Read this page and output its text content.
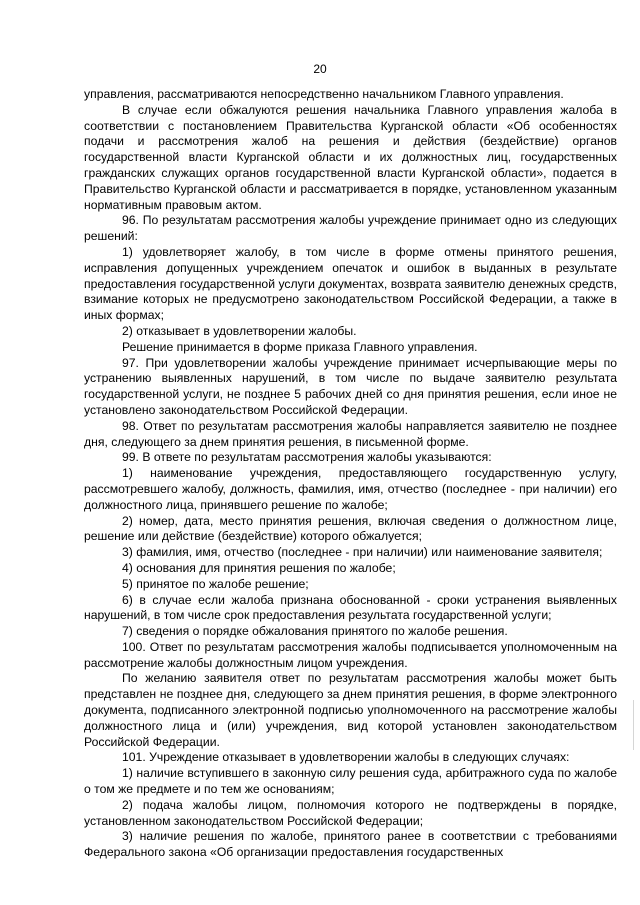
20

управления, рассматриваются непосредственно начальником Главного управления.

В случае если обжалуются решения начальника Главного управления жалоба в соответствии с постановлением Правительства Курганской области «Об особенностях подачи и рассмотрения жалоб на решения и действия (бездействие) органов государственной власти Курганской области и их должностных лиц, государственных гражданских служащих органов государственной власти Курганской области», подается в Правительство Курганской области и рассматривается в порядке, установленном указанным нормативным правовым актом.

96. По результатам рассмотрения жалобы учреждение принимает одно из следующих решений:

1) удовлетворяет жалобу, в том числе в форме отмены принятого решения, исправления допущенных учреждением опечаток и ошибок в выданных в результате предоставления государственной услуги документах, возврата заявителю денежных средств, взимание которых не предусмотрено законодательством Российской Федерации, а также в иных формах;

2) отказывает в удовлетворении жалобы.

Решение принимается в форме приказа Главного управления.

97. При удовлетворении жалобы учреждение принимает исчерпывающие меры по устранению выявленных нарушений, в том числе по выдаче заявителю результата государственной услуги, не позднее 5 рабочих дней со дня принятия решения, если иное не установлено законодательством Российской Федерации.

98. Ответ по результатам рассмотрения жалобы направляется заявителю не позднее дня, следующего за днем принятия решения, в письменной форме.

99. В ответе по результатам рассмотрения жалобы указываются:

1) наименование учреждения, предоставляющего государственную услугу, рассмотревшего жалобу, должность, фамилия, имя, отчество (последнее - при наличии) его должностного лица, принявшего решение по жалобе;

2) номер, дата, место принятия решения, включая сведения о должностном лице, решение или действие (бездействие) которого обжалуется;

3) фамилия, имя, отчество (последнее - при наличии) или наименование заявителя;

4) основания для принятия решения по жалобе;

5) принятое по жалобе решение;

6) в случае если жалоба признана обоснованной - сроки устранения выявленных нарушений, в том числе срок предоставления результата государственной услуги;

7) сведения о порядке обжалования принятого по жалобе решения.

100. Ответ по результатам рассмотрения жалобы подписывается уполномоченным на рассмотрение жалобы должностным лицом учреждения.

По желанию заявителя ответ по результатам рассмотрения жалобы может быть представлен не позднее дня, следующего за днем принятия решения, в форме электронного документа, подписанного электронной подписью уполномоченного на рассмотрение жалобы должностного лица и (или) учреждения, вид которой установлен законодательством Российской Федерации.

101. Учреждение отказывает в удовлетворении жалобы в следующих случаях:

1) наличие вступившего в законную силу решения суда, арбитражного суда по жалобе о том же предмете и по тем же основаниям;

2) подача жалобы лицом, полномочия которого не подтверждены в порядке, установленном законодательством Российской Федерации;

3) наличие решения по жалобе, принятого ранее в соответствии с требованиями Федерального закона «Об организации предоставления государственных
